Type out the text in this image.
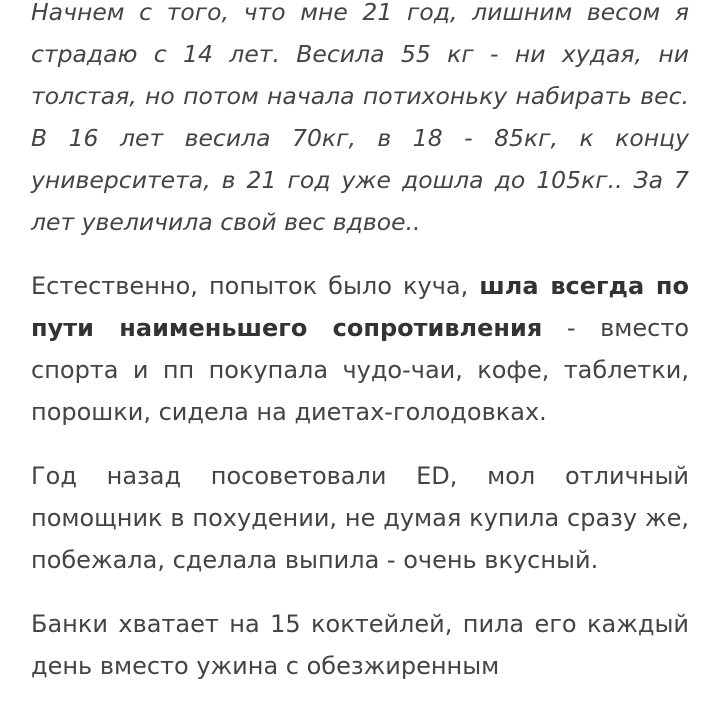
Начнем с того, что мне 21 год, лишним весом я страдаю с 14 лет. Весила 55 кг - ни худая, ни толстая, но потом начала потихоньку набирать вес. В 16 лет весила 70кг, в 18 - 85кг, к концу университета, в 21 год уже дошла до 105кг.. За 7 лет увеличила свой вес вдвое..

Естественно, попыток было куча, шла всегда по пути наименьшего сопротивления - вместо спорта и пп покупала чудо-чаи, кофе, таблетки, порошки, сидела на диетах-голодовках.

Год назад посоветовали ED, мол отличный помощник в похудении, не думая купила сразу же, побежала, сделала выпила - очень вкусный.

Банки хватает на 15 коктейлей, пила его каждый день вместо ужина с обезжиренным
